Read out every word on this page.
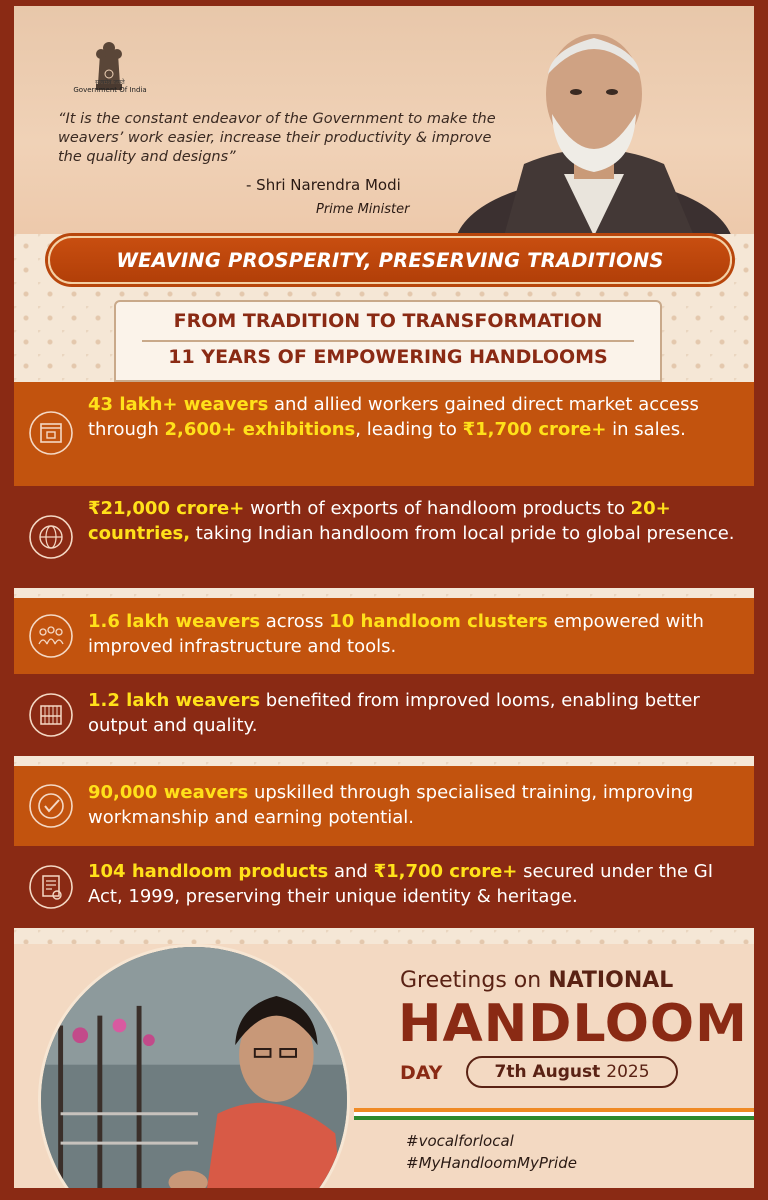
सत्यमेव जयते
Government Of India
“It is the constant endeavor of the Government to make the weavers’ work easier, increase their productivity & improve the quality and designs”
- Shri Narendra Modi
Prime Minister
WEAVING PROSPERITY, PRESERVING TRADITIONS
FROM TRADITION TO TRANSFORMATION
11 YEARS OF EMPOWERING HANDLOOMS
43 lakh+ weavers and allied workers gained direct market access through 2,600+ exhibitions, leading to ₹1,700 crore+ in sales.
₹21,000 crore+ worth of exports of handloom products to 20+ countries, taking Indian handloom from local pride to global presence.
1.6 lakh weavers across 10 handloom clusters empowered with improved infrastructure and tools.
1.2 lakh weavers benefited from improved looms, enabling better output and quality.
90,000 weavers upskilled through specialised training, improving workmanship and earning potential.
104 handloom products and ₹1,700 crore+ secured under the GI Act, 1999, preserving their unique identity & heritage.
Greetings on NATIONAL
HANDLOOM
DAY	7th August 2025
#vocalforlocal
#MyHandloomMyPride
